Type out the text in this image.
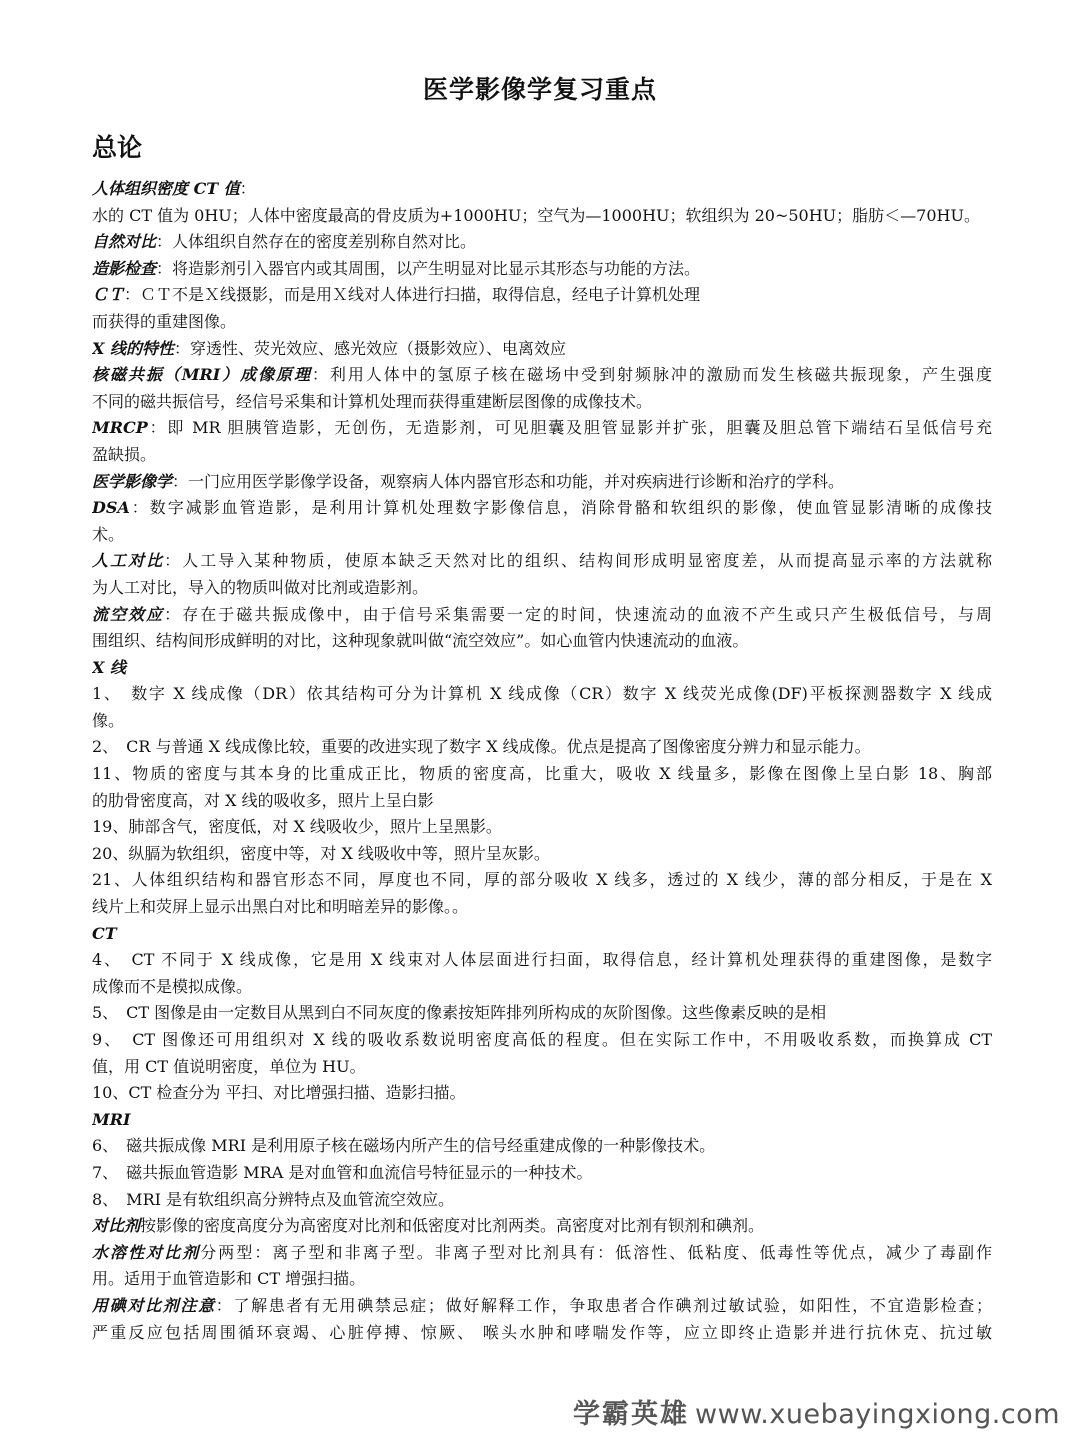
医学影像学复习重点
总论
人体组织密度 CT 值：
水的 CT 值为 0HU；人体中密度最高的骨皮质为+1000HU；空气为—1000HU；软组织为 20~50HU；脂肪＜—70HU。
自然对比：人体组织自然存在的密度差别称自然对比。
造影检查：将造影剂引入器官内或其周围，以产生明显对比显示其形态与功能的方法。
ＣＴ：ＣＴ不是Ｘ线摄影，而是用Ｘ线对人体进行扫描，取得信息，经电子计算机处理
而获得的重建图像。
X 线的特性：穿透性、荧光效应、感光效应（摄影效应）、电离效应
核磁共振（MRI）成像原理：利用人体中的氢原子核在磁场中受到射频脉冲的激励而发生核磁共振现象，产生强度
不同的磁共振信号，经信号采集和计算机处理而获得重建断层图像的成像技术。
MRCP：即 MR 胆胰管造影，无创伤，无造影剂，可见胆囊及胆管显影并扩张，胆囊及胆总管下端结石呈低信号充
盈缺损。
医学影像学：一门应用医学影像学设备，观察病人体内器官形态和功能，并对疾病进行诊断和治疗的学科。
DSA：数字减影血管造影，是利用计算机处理数字影像信息，消除骨骼和软组织的影像，使血管显影清晰的成像技
术。
人工对比：人工导入某种物质，使原本缺乏天然对比的组织、结构间形成明显密度差，从而提高显示率的方法就称
为人工对比，导入的物质叫做对比剂或造影剂。
流空效应：存在于磁共振成像中，由于信号采集需要一定的时间，快速流动的血液不产生或只产生极低信号，与周
围组织、结构间形成鲜明的对比，这种现象就叫做“流空效应”。如心血管内快速流动的血液。
X 线
1、　数字 X 线成像（DR）依其结构可分为计算机 X 线成像（CR）数字 X 线荧光成像(DF)平板探测器数字 X 线成
像。
2、　CR 与普通 X 线成像比较，重要的改进实现了数字 X 线成像。优点是提高了图像密度分辨力和显示能力。
11、物质的密度与其本身的比重成正比，物质的密度高，比重大，吸收 X 线量多，影像在图像上呈白影 18、胸部
的肋骨密度高，对 X 线的吸收多，照片上呈白影
19、肺部含气，密度低，对 X 线吸收少，照片上呈黑影。
20、纵膈为软组织，密度中等，对 X 线吸收中等，照片呈灰影。
21、人体组织结构和器官形态不同，厚度也不同，厚的部分吸收 X 线多，透过的 X 线少，薄的部分相反，于是在 X
线片上和荧屏上显示出黑白对比和明暗差异的影像。。
CT
4、　CT 不同于 X 线成像，它是用 X 线束对人体层面进行扫面，取得信息，经计算机处理获得的重建图像，是数字
成像而不是模拟成像。
5、　CT 图像是由一定数目从黑到白不同灰度的像素按矩阵排列所构成的灰阶图像。这些像素反映的是相
9、　CT 图像还可用组织对 X 线的吸收系数说明密度高低的程度。但在实际工作中，不用吸收系数，而换算成 CT
值，用 CT 值说明密度，单位为 HU。
10、CT 检查分为 平扫、对比增强扫描、造影扫描。
MRI
6、　磁共振成像 MRI 是利用原子核在磁场内所产生的信号经重建成像的一种影像技术。
7、　磁共振血管造影 MRA 是对血管和血流信号特征显示的一种技术。
8、　MRI 是有软组织高分辨特点及血管流空效应。
对比剂按影像的密度高度分为高密度对比剂和低密度对比剂两类。高密度对比剂有钡剂和碘剂。
水溶性对比剂分两型：离子型和非离子型。非离子型对比剂具有：低溶性、低粘度、低毒性等优点，减少了毒副作
用。适用于血管造影和 CT 增强扫描。
用碘对比剂注意：了解患者有无用碘禁忌症；做好解释工作，争取患者合作碘剂过敏试验，如阳性，不宜造影检查；
严重反应包括周围循环衰竭、心脏停搏、惊厥、 喉头水肿和哮喘发作等，应立即终止造影并进行抗休克、抗过敏
学霸英雄 www.xuebayingxiong.com
